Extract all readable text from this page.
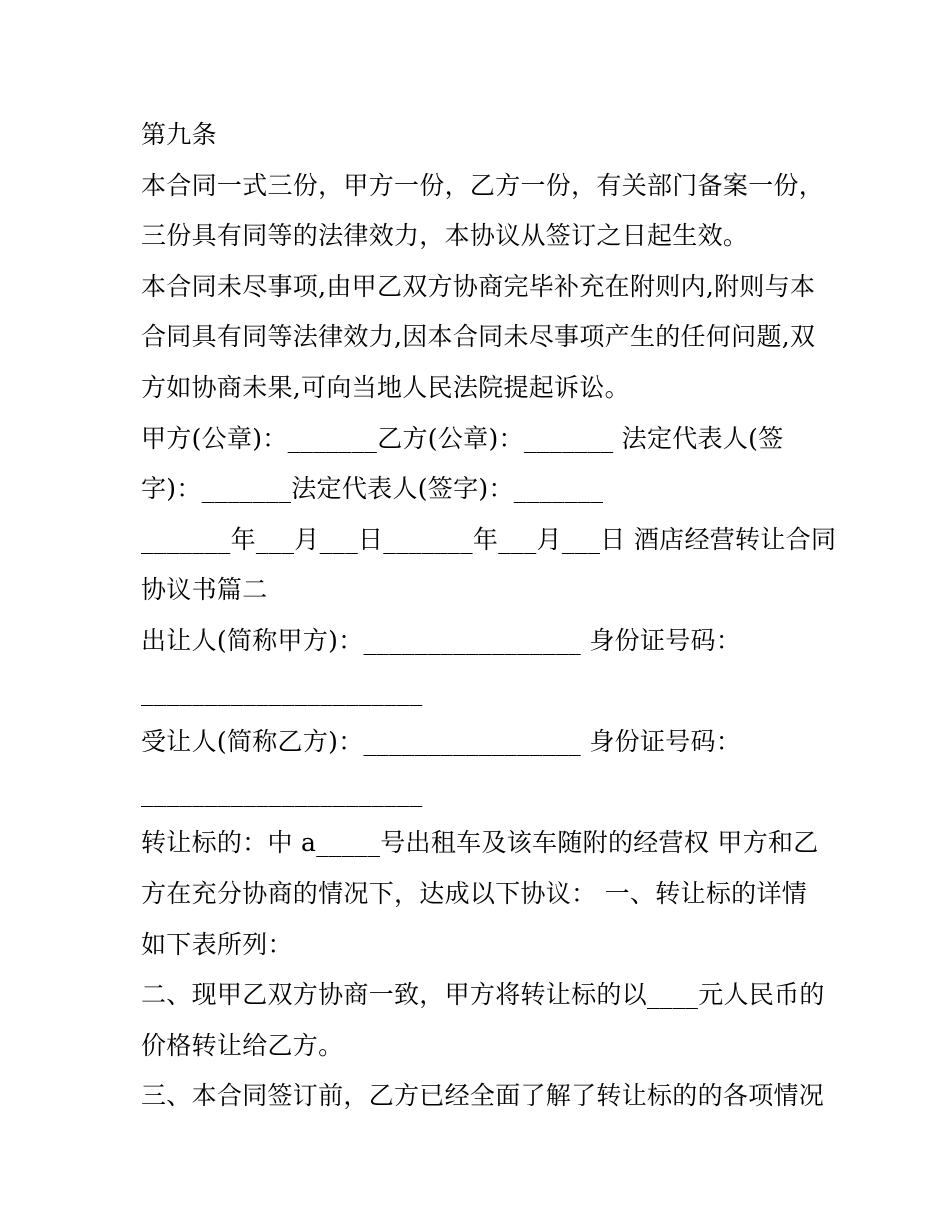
第九条
本合同一式三份，甲方一份，乙方一份，有关部门备案一份，
三份具有同等的法律效力，本协议从签订之日起生效。
本合同未尽事项,由甲乙双方协商完毕补充在附则内,附则与本
合同具有同等法律效力,因本合同未尽事项产生的任何问题,双
方如协商未果,可向当地人民法院提起诉讼。
甲方(公章)：_______乙方(公章)：_______ 法定代表人(签
字)：_______法定代表人(签字)：_______
_______年___月___日_______年___月___日 酒店经营转让合同
协议书篇二
出让人(简称甲方)：_________________ 身份证号码：
______________________
受让人(简称乙方)：_________________ 身份证号码：
______________________
转让标的：中 a_____号出租车及该车随附的经营权 甲方和乙
方在充分协商的情况下，达成以下协议： 一、转让标的详情
如下表所列：
二、现甲乙双方协商一致，甲方将转让标的以____元人民币的
价格转让给乙方。
三、本合同签订前，乙方已经全面了解了转让标的的各项情况
